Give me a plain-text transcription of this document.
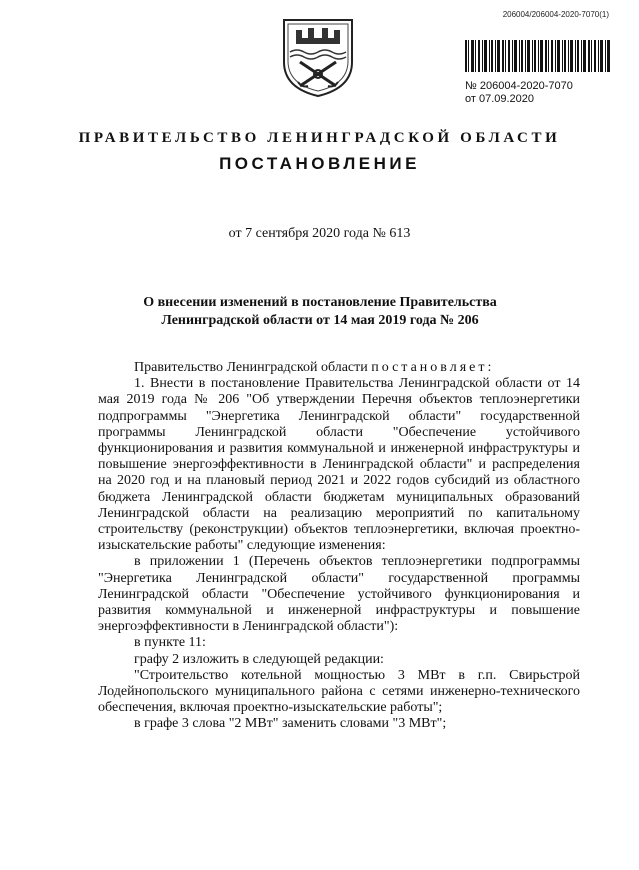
206004/206004-2020-7070(1)
№ 206004-2020-7070
от 07.09.2020
ПРАВИТЕЛЬСТВО ЛЕНИНГРАДСКОЙ ОБЛАСТИ
ПОСТАНОВЛЕНИЕ
от 7 сентября 2020 года № 613
О внесении изменений в постановление Правительства
Ленинградской области от 14 мая 2019 года № 206

Правительство Ленинградской области постановляет:

1. Внести в постановление Правительства Ленинградской области от 14 мая 2019 года № 206 "Об утверждении Перечня объектов теплоэнергетики подпрограммы "Энергетика Ленинградской области" государственной программы Ленинградской области "Обеспечение устойчивого функционирования и развития коммунальной и инженерной инфраструктуры и повышение энергоэффективности в Ленинградской области" и распределения на 2020 год и на плановый период 2021 и 2022 годов субсидий из областного бюджета Ленинградской области бюджетам муниципальных образований Ленинградской области на реализацию мероприятий по капитальному строительству (реконструкции) объектов теплоэнергетики, включая проектно-изыскательские работы" следующие изменения:

в приложении 1 (Перечень объектов теплоэнергетики подпрограммы "Энергетика Ленинградской области" государственной программы Ленинградской области "Обеспечение устойчивого функционирования и развития коммунальной и инженерной инфраструктуры и повышение энергоэффективности в Ленинградской области"):

в пункте 11:

графу 2 изложить в следующей редакции:

"Строительство котельной мощностью 3 МВт в г.п. Свирьстрой Лодейнопольского муниципального района с сетями инженерно-технического обеспечения, включая проектно-изыскательские работы";

в графе 3 слова "2 МВт" заменить словами "3 МВт";
